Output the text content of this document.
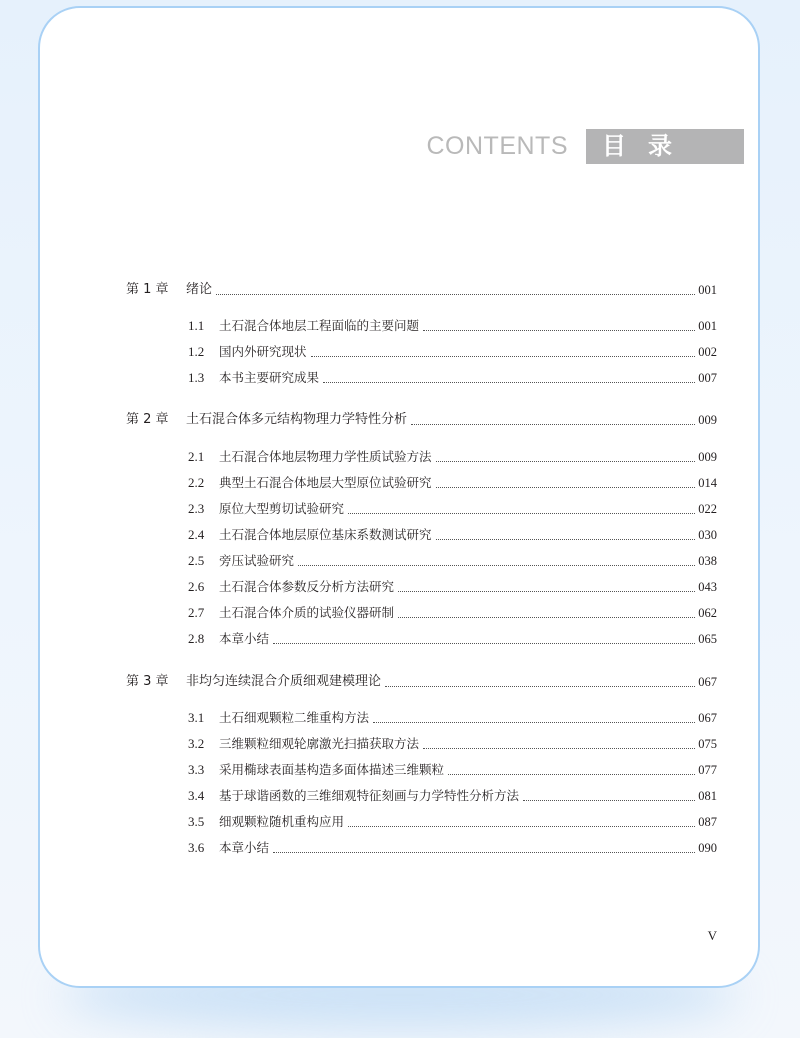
CONTENTS	目录
第 1 章	绪论	001
1.1	土石混合体地层工程面临的主要问题	001
1.2	国内外研究现状	002
1.3	本书主要研究成果	007
第 2 章	土石混合体多元结构物理力学特性分析	009
2.1	土石混合体地层物理力学性质试验方法	009
2.2	典型土石混合体地层大型原位试验研究	014
2.3	原位大型剪切试验研究	022
2.4	土石混合体地层原位基床系数测试研究	030
2.5	旁压试验研究	038
2.6	土石混合体参数反分析方法研究	043
2.7	土石混合体介质的试验仪器研制	062
2.8	本章小结	065
第 3 章	非均匀连续混合介质细观建模理论	067
3.1	土石细观颗粒二维重构方法	067
3.2	三维颗粒细观轮廓激光扫描获取方法	075
3.3	采用椭球表面基构造多面体描述三维颗粒	077
3.4	基于球谐函数的三维细观特征刻画与力学特性分析方法	081
3.5	细观颗粒随机重构应用	087
3.6	本章小结	090
V
